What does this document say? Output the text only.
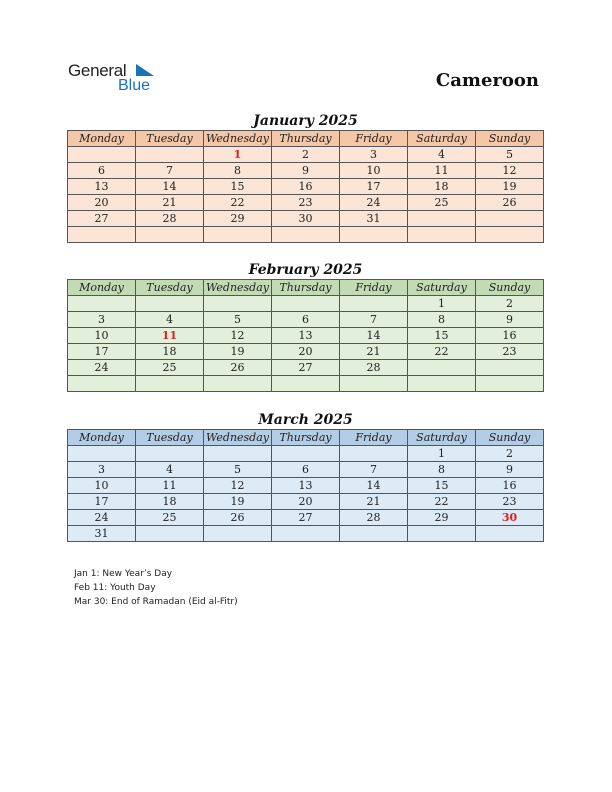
General
Blue	Cameroon
January 2025
Monday	Tuesday	Wednesday	Thursday	Friday	Saturday	Sunday
		1	2	3	4	5
6	7	8	9	10	11	12
13	14	15	16	17	18	19
20	21	22	23	24	25	26
27	28	29	30	31		

February 2025
Monday	Tuesday	Wednesday	Thursday	Friday	Saturday	Sunday
					1	2
3	4	5	6	7	8	9
10	11	12	13	14	15	16
17	18	19	20	21	22	23
24	25	26	27	28		

March 2025
Monday	Tuesday	Wednesday	Thursday	Friday	Saturday	Sunday
					1	2
3	4	5	6	7	8	9
10	11	12	13	14	15	16
17	18	19	20	21	22	23
24	25	26	27	28	29	30
31						
Jan 1: New Year’s Day
Feb 11: Youth Day
Mar 30: End of Ramadan (Eid al-Fitr)
